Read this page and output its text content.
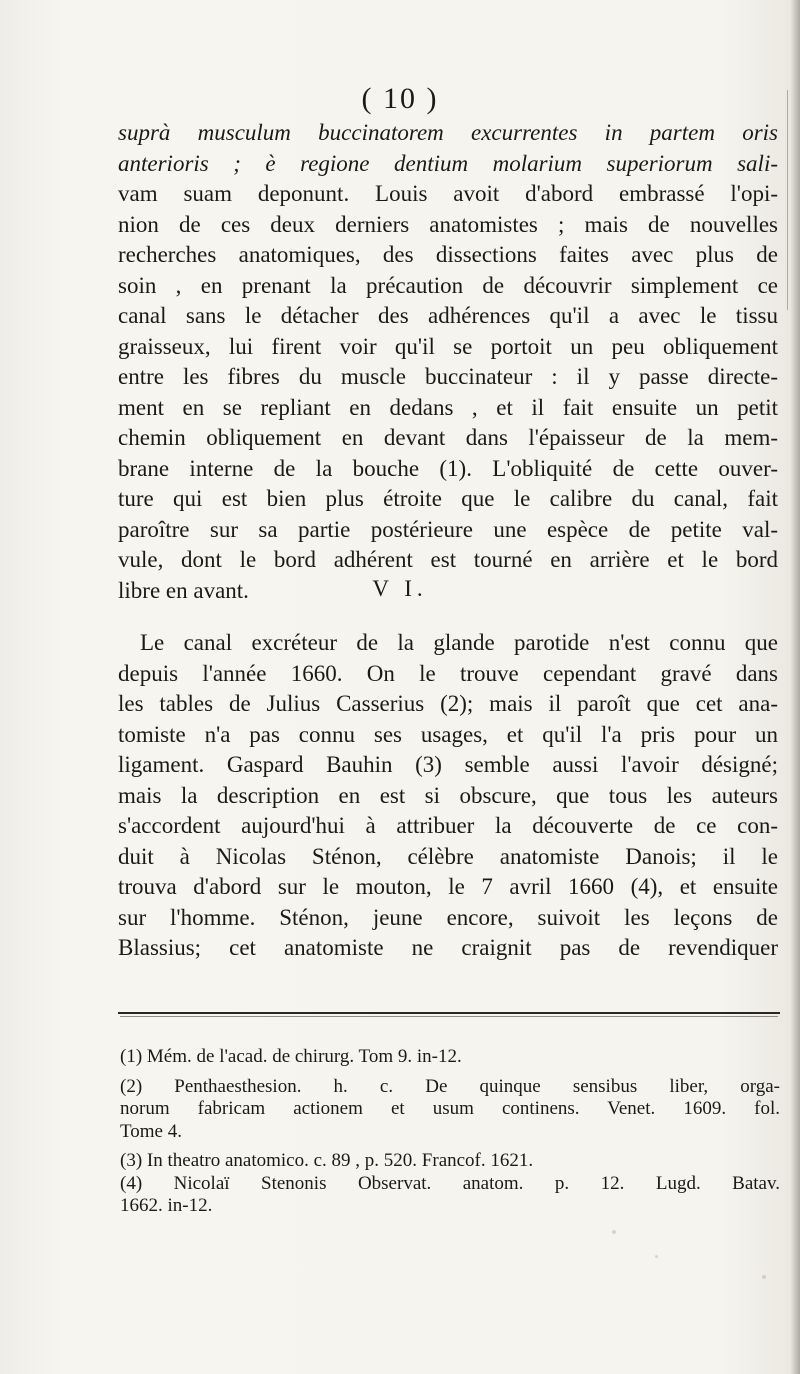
( 10 )
suprà musculum buccinatorem excurrentes in partem oris
anterioris ; è regione dentium molarium superiorum sali-
vam suam deponunt. Louis avoit d'abord embrassé l'opi-
nion de ces deux derniers anatomistes ; mais de nouvelles
recherches anatomiques, des dissections faites avec plus de
soin , en prenant la précaution de découvrir simplement ce
canal sans le détacher des adhérences qu'il a avec le tissu
graisseux, lui firent voir qu'il se portoit un peu obliquement
entre les fibres du muscle buccinateur : il y passe directe-
ment en se repliant en dedans , et il fait ensuite un petit
chemin obliquement en devant dans l'épaisseur de la mem-
brane interne de la bouche (1). L'obliquité de cette ouver-
ture qui est bien plus étroite que le calibre du canal, fait
paroître sur sa partie postérieure une espèce de petite val-
vule, dont le bord adhérent est tourné en arrière et le bord
libre en avant.	V I.
Le canal excréteur de la glande parotide n'est connu que
depuis l'année 1660. On le trouve cependant gravé dans
les tables de Julius Casserius (2); mais il paroît que cet ana-
tomiste n'a pas connu ses usages, et qu'il l'a pris pour un
ligament. Gaspard Bauhin (3) semble aussi l'avoir désigné;
mais la description en est si obscure, que tous les auteurs
s'accordent aujourd'hui à attribuer la découverte de ce con-
duit à Nicolas Sténon, célèbre anatomiste Danois; il le
trouva d'abord sur le mouton, le 7 avril 1660 (4), et ensuite
sur l'homme. Sténon, jeune encore, suivoit les leçons de
Blassius; cet anatomiste ne craignit pas de revendiquer
(1) Mém. de l'acad. de chirurg. Tom 9. in-12.
(2) Penthaesthesion. h. c. De quinque sensibus liber, orga-
norum fabricam actionem et usum continens. Venet. 1609. fol.
Tome 4.
(3) In theatro anatomico. c. 89 , p. 520. Francof. 1621.
(4) Nicolaï Stenonis Observat. anatom. p. 12. Lugd. Batav.
1662. in-12.
